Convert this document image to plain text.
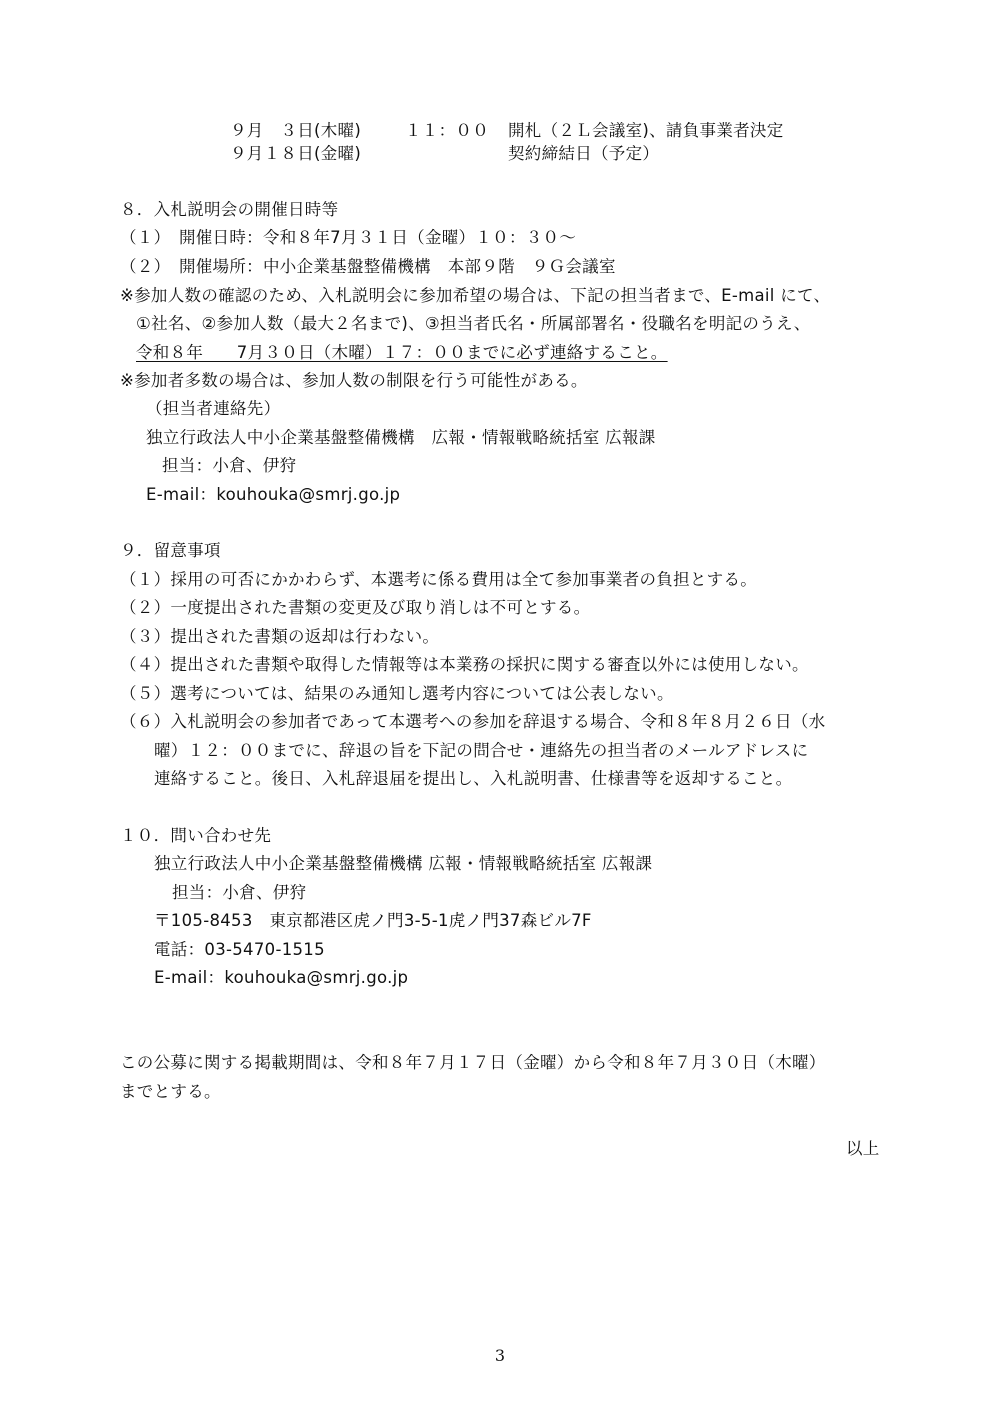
９月　３日(木曜)	１１：００ 開札（２Ｌ会議室)、請負事業者決定
９月１８日(金曜)	契約締結日（予定）
８．入札説明会の開催日時等
（１）　開催日時：令和８年7月３１日（金曜）１０：３０～
（２）　開催場所：中小企業基盤整備機構　本部９階　９Ｇ会議室
※参加人数の確認のため、入札説明会に参加希望の場合は、下記の担当者まで、E-mail にて、
①社名、②参加人数（最大２名まで)、③担当者氏名・所属部署名・役職名を明記のうえ、
令和８年　　7月３０日（木曜）１７：００までに必ず連絡すること。
※参加者多数の場合は、参加人数の制限を行う可能性がある。
（担当者連絡先）
独立行政法人中小企業基盤整備機構　広報・情報戦略統括室 広報課
担当：小倉、伊狩
E-mail：kouhouka@smrj.go.jp
９．留意事項
（１）採用の可否にかかわらず、本選考に係る費用は全て参加事業者の負担とする。
（２）一度提出された書類の変更及び取り消しは不可とする。
（３）提出された書類の返却は行わない。
（４）提出された書類や取得した情報等は本業務の採択に関する審査以外には使用しない。
（５）選考については、結果のみ通知し選考内容については公表しない。
（６）入札説明会の参加者であって本選考への参加を辞退する場合、令和８年８月２６日（水
曜）１２：００までに、辞退の旨を下記の問合せ・連絡先の担当者のメールアドレスに
連絡すること。後日、入札辞退届を提出し、入札説明書、仕様書等を返却すること。
１０．問い合わせ先
独立行政法人中小企業基盤整備機構 広報・情報戦略統括室 広報課
担当：小倉、伊狩
〒105-8453　東京都港区虎ノ門3-5-1虎ノ門37森ビル7F
電話：03-5470-1515
E-mail：kouhouka@smrj.go.jp
この公募に関する掲載期間は、令和８年７月１７日（金曜）から令和８年７月３０日（木曜）
までとする。
以上
3
